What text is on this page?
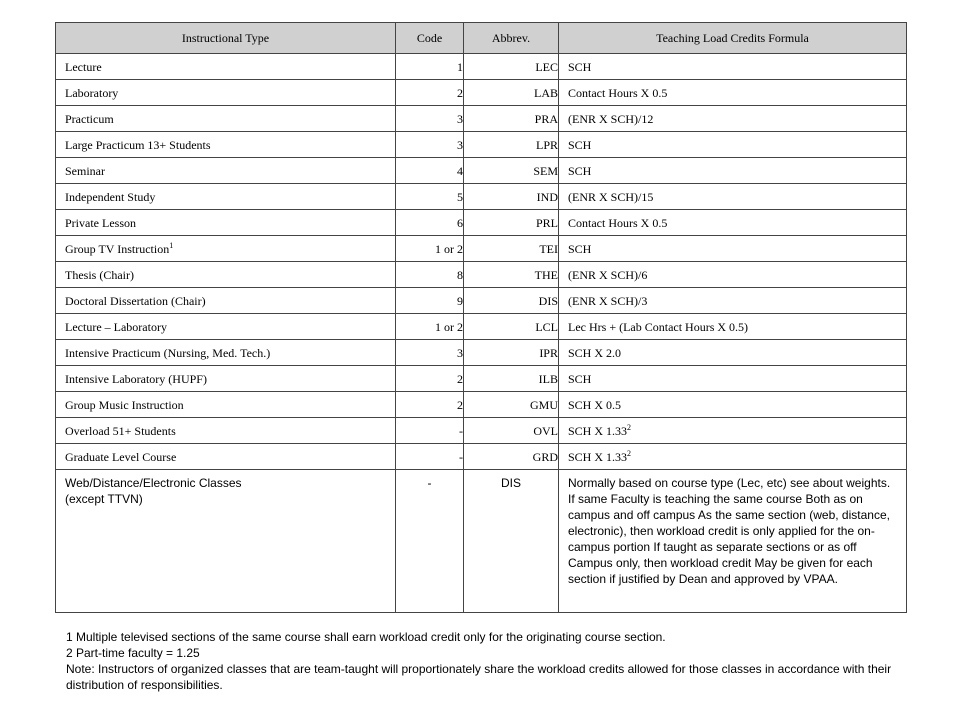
Instructional Type	Code	Abbrev.	Teaching Load Credits Formula
Lecture	1	LEC	SCH
Laboratory	2	LAB	Contact Hours X 0.5
Practicum	3	PRA	(ENR X SCH)/12
Large Practicum 13+ Students	3	LPR	SCH
Seminar	4	SEM	SCH
Independent Study	5	IND	(ENR X SCH)/15
Private Lesson	6	PRL	Contact Hours X 0.5
Group TV Instruction$^1$	1 or 2	TEI	SCH
Thesis (Chair)	8	THE	(ENR X SCH)/6
Doctoral Dissertation (Chair)	9	DIS	(ENR X SCH)/3
Lecture – Laboratory	1 or 2	LCL	Lec Hrs + (Lab Contact Hours X 0.5)
Intensive Practicum (Nursing, Med. Tech.)	3	IPR	SCH X 2.0
Intensive Laboratory (HUPF)	2	ILB	SCH
Group Music Instruction	2	GMU	SCH X 0.5
Overload 51+ Students	-	OVL	SCH X 1.33$^2$
Graduate Level Course	-	GRD	SCH X 1.33$^2$

Web/Distance/Electronic Classes
(except TTVN)	-	DIS	Normally based on course type (Lec, etc) see about weights. If same Faculty is teaching the same course Both as on campus and off campus As the same section (web, distance, electronic), then workload credit is only applied for the on-campus portion If taught as separate sections or as off Campus only, then workload credit May be given for each section if justified by Dean and approved by VPAA.
1 Multiple televised sections of the same course shall earn workload credit only for the originating course section.
2 Part-time faculty = 1.25
Note: Instructors of organized classes that are team-taught will proportionately share the workload credits allowed for those classes in accordance with their distribution of responsibilities.
